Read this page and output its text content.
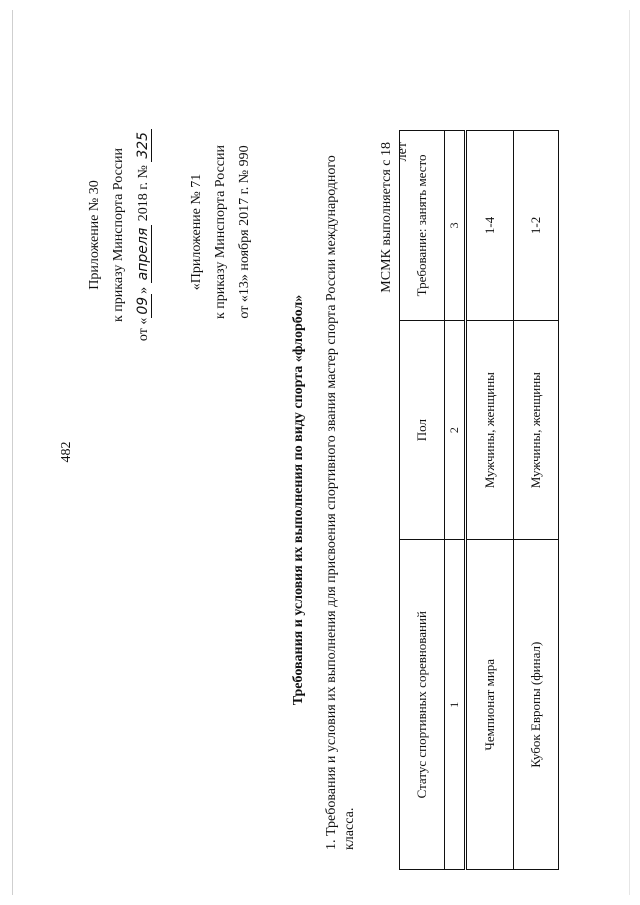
482
Приложение № 30 к приказу Минспорта России
от «09» апреля 2018 г. № 325
«Приложение № 71 к приказу Минспорта России от «13» ноября 2017 г. № 990
Требования и условия их выполнения по виду спорта «флорбол» 1. Требования и условия их выполнения для присвоения спортивного звания мастер спорта России международного класса.
МСМК выполняется с 18 лет
Статус спортивных соревнований	Пол	Требование: занять место
1	2	3
Чемпионат мира	Мужчины, женщины	1-4
Кубок Европы (финал)	Мужчины, женщины	1-2
